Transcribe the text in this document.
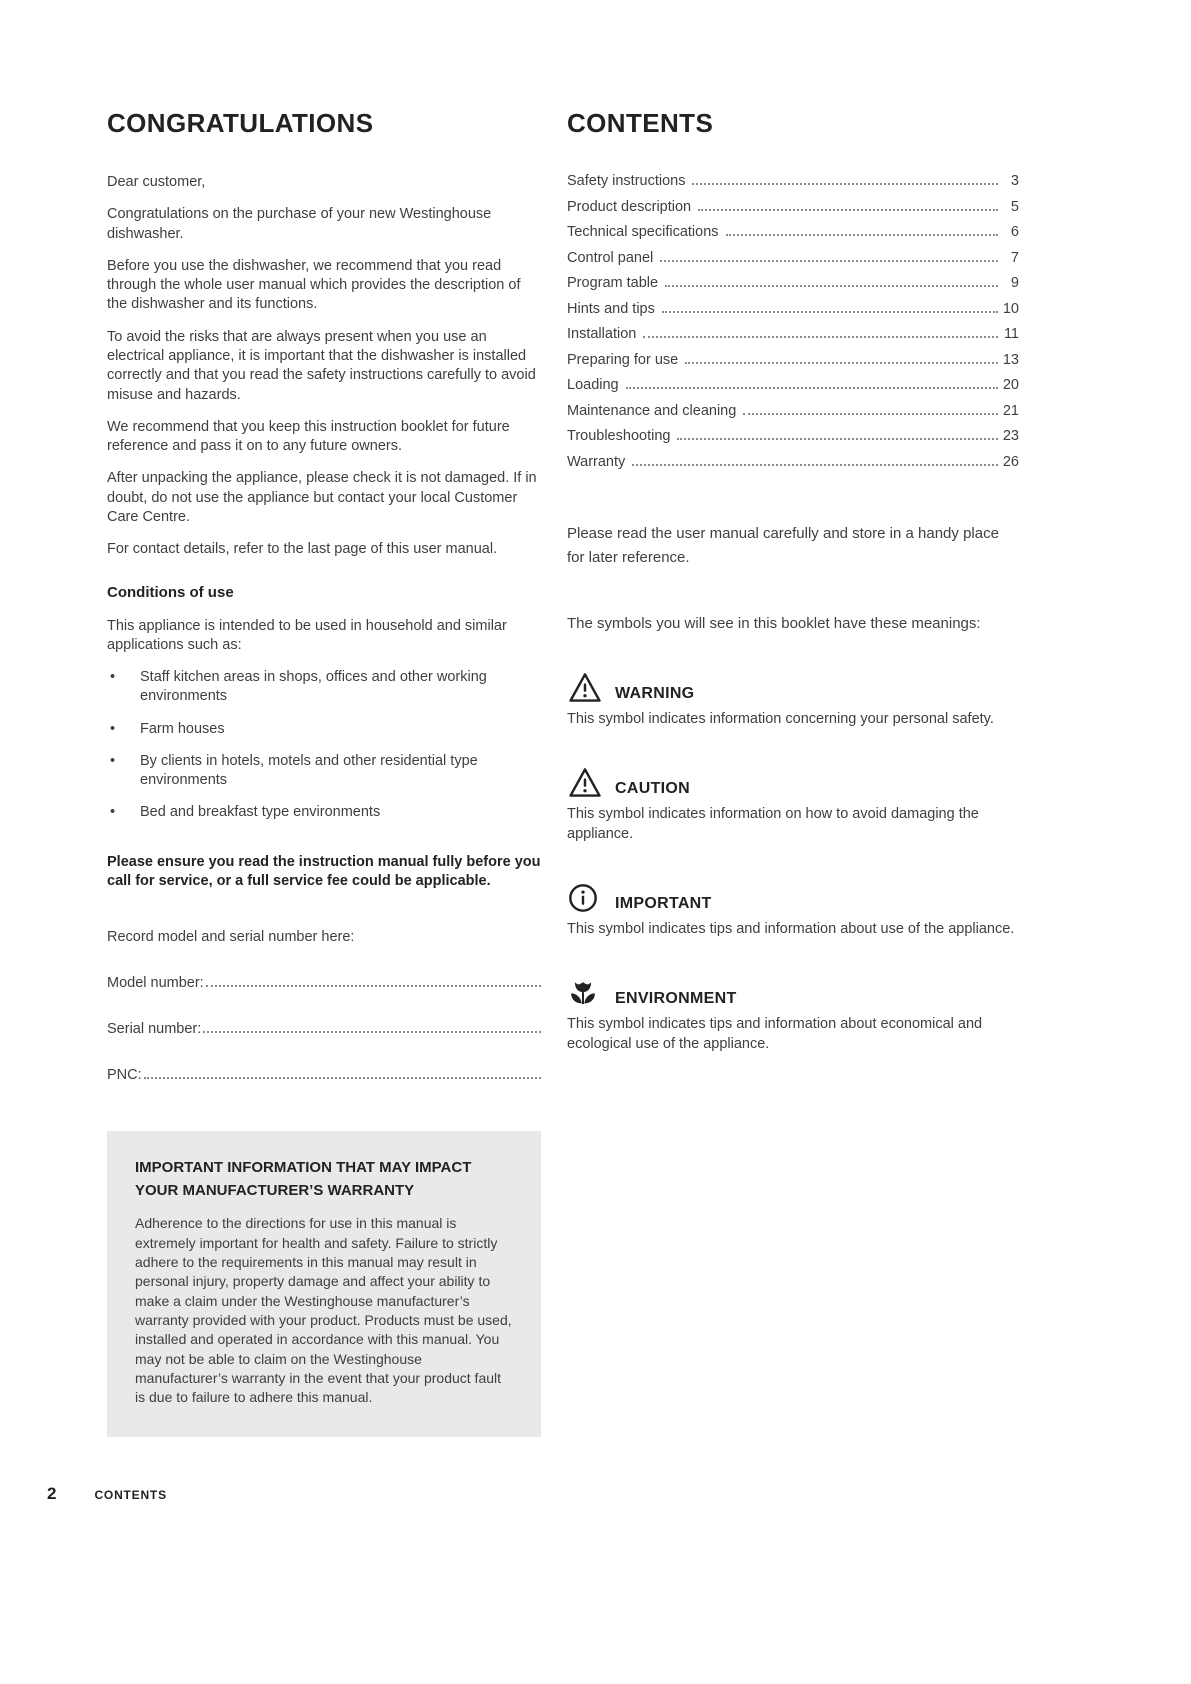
CONGRATULATIONS

Dear customer,

Congratulations on the purchase of your new Westinghouse dishwasher.

Before you use the dishwasher, we recommend that you read through the whole user manual which provides the description of the dishwasher and its functions.

To avoid the risks that are always present when you use an electrical appliance, it is important that the dishwasher is installed correctly and that you read the safety instructions carefully to avoid misuse and hazards.

We recommend that you keep this instruction booklet for future reference and pass it on to any future owners.

After unpacking the appliance, please check it is not damaged. If in doubt, do not use the appliance but contact your local Customer Care Centre.

For contact details, refer to the last page of this user manual.

Conditions of use

This appliance is intended to be used in household and similar applications such as:

• Staff kitchen areas in shops, offices and other working environments
• Farm houses
• By clients in hotels, motels and other residential type environments
• Bed and breakfast type environments

Please ensure you read the instruction manual fully before you call for service, or a full service fee could be applicable.

Record model and serial number here:

Model number:
Serial number:
PNC:
IMPORTANT INFORMATION THAT MAY IMPACT YOUR MANUFACTURER’S WARRANTY

Adherence to the directions for use in this manual is extremely important for health and safety. Failure to strictly adhere to the requirements in this manual may result in personal injury, property damage and affect your ability to make a claim under the Westinghouse manufacturer’s warranty provided with your product. Products must be used, installed and operated in accordance with this manual. You may not be able to claim on the Westinghouse manufacturer’s warranty in the event that your product fault is due to failure to adhere this manual.

CONTENTS
Safety instructions	3
Product description	5
Technical specifications	6
Control panel	7
Program table	9
Hints and tips	10
Installation	11
Preparing for use	13
Loading	20
Maintenance and cleaning	21
Troubleshooting	23
Warranty	26

Please read the user manual carefully and store in a handy place for later reference.

The symbols you will see in this booklet have these meanings:

WARNING

This symbol indicates information concerning your personal safety.

CAUTION

This symbol indicates information on how to avoid damaging the appliance.

IMPORTANT

This symbol indicates tips and information about use of the appliance.

ENVIRONMENT

This symbol indicates tips and information about economical and ecological use of the appliance.

2	CONTENTS
